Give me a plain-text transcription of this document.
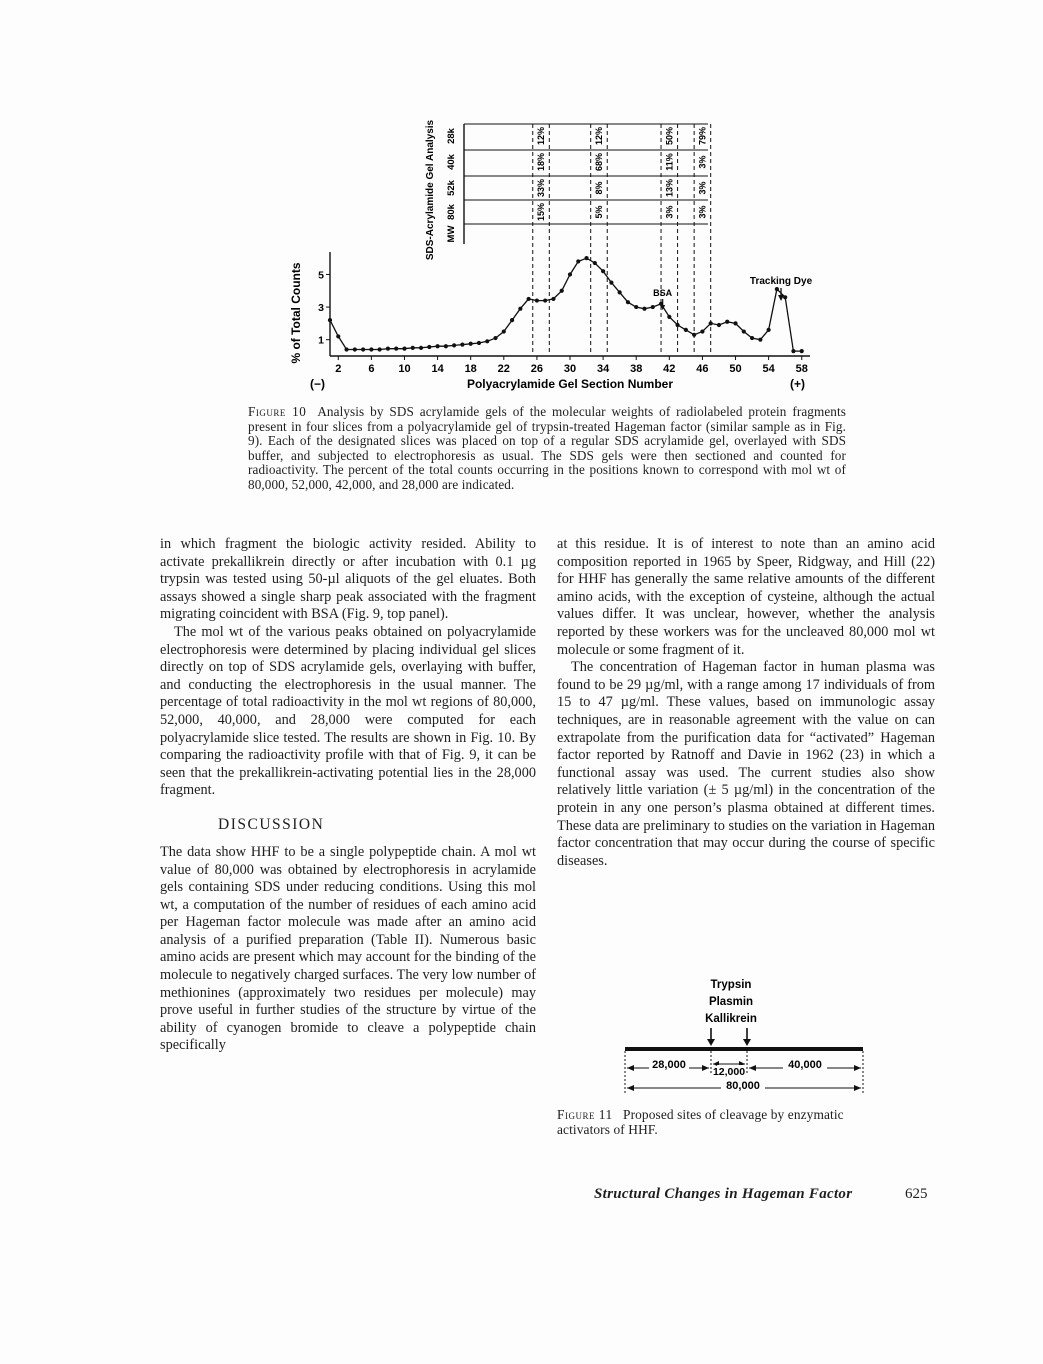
1
3
5
% of Total Counts
2 6 10 14 18 22 26 30 34 38 42 46 50 54 58
Polyacrylamide Gel Section Number
(−)	(+)
SDS-Acrylamide Gel Analysis 28k
40k
52k
80k
MW
15%
33%
18%
12%
5%
8%
68%
12%
3%
13%
11%
50%
3%
3%
3%
79%
Tracking Dye
BSA
Figure 10 Analysis by SDS acrylamide gels of the molecular weights of radiolabeled protein fragments present in four slices from a polyacrylamide gel of trypsin-treated Hageman factor (similar sample as in Fig. 9). Each of the designated slices was placed on top of a regular SDS acrylamide gel, overlayed with SDS buffer, and subjected to electrophoresis as usual. The SDS gels were then sectioned and counted for radioactivity. The percent of the total counts occurring in the positions known to correspond with mol wt of 80,000, 52,000, 42,000, and 28,000 are indicated.

in which fragment the biologic activity resided. Ability to activate prekallikrein directly or after incubation with 0.1 µg trypsin was tested using 50-µl aliquots of the gel eluates. Both assays showed a single sharp peak associated with the fragment migrating coincident with BSA (Fig. 9, top panel).

The mol wt of the various peaks obtained on polyacrylamide electrophoresis were determined by placing individual gel slices directly on top of SDS acrylamide gels, overlaying with buffer, and conducting the electrophoresis in the usual manner. The percentage of total radioactivity in the mol wt regions of 80,000, 52,000, 40,000, and 28,000 were computed for each polyacrylamide slice tested. The results are shown in Fig. 10. By comparing the radioactivity profile with that of Fig. 9, it can be seen that the prekallikrein-activating potential lies in the 28,000 fragment.

DISCUSSION

The data show HHF to be a single polypeptide chain. A mol wt value of 80,000 was obtained by electrophoresis in acrylamide gels containing SDS under reducing conditions. Using this mol wt, a computation of the number of residues of each amino acid per Hageman factor molecule was made after an amino acid analysis of a purified preparation (Table II). Numerous basic amino acids are present which may account for the binding of the molecule to negatively charged surfaces. The very low number of methionines (approximately two residues per molecule) may prove useful in further studies of the structure by virtue of the ability of cyanogen bromide to cleave a polypeptide chain specifically

at this residue. It is of interest to note than an amino acid composition reported in 1965 by Speer, Ridgway, and Hill (22) for HHF has generally the same relative amounts of the different amino acids, with the exception of cysteine, although the actual values differ. It was unclear, however, whether the analysis reported by these workers was for the uncleaved 80,000 mol wt molecule or some fragment of it.

The concentration of Hageman factor in human plasma was found to be 29 µg/ml, with a range among 17 individuals of from 15 to 47 µg/ml. These values, based on immunologic assay techniques, are in reasonable agreement with the value on can extrapolate from the purification data for “activated” Hageman factor reported by Ratnoff and Davie in 1962 (23) in which a functional assay was used. The current studies also show relatively little variation (± 5 µg/ml) in the concentration of the protein in any one person’s plasma obtained at different times. These data are preliminary to studies on the variation in Hageman factor concentration that may occur during the course of specific diseases.

Trypsin
Plasmin
Kallikrein
28,000
12,000
40,000
80,000
Figure 11 Proposed sites of cleavage by enzymatic activators of HHF.
Structural Changes in Hageman Factor	625
